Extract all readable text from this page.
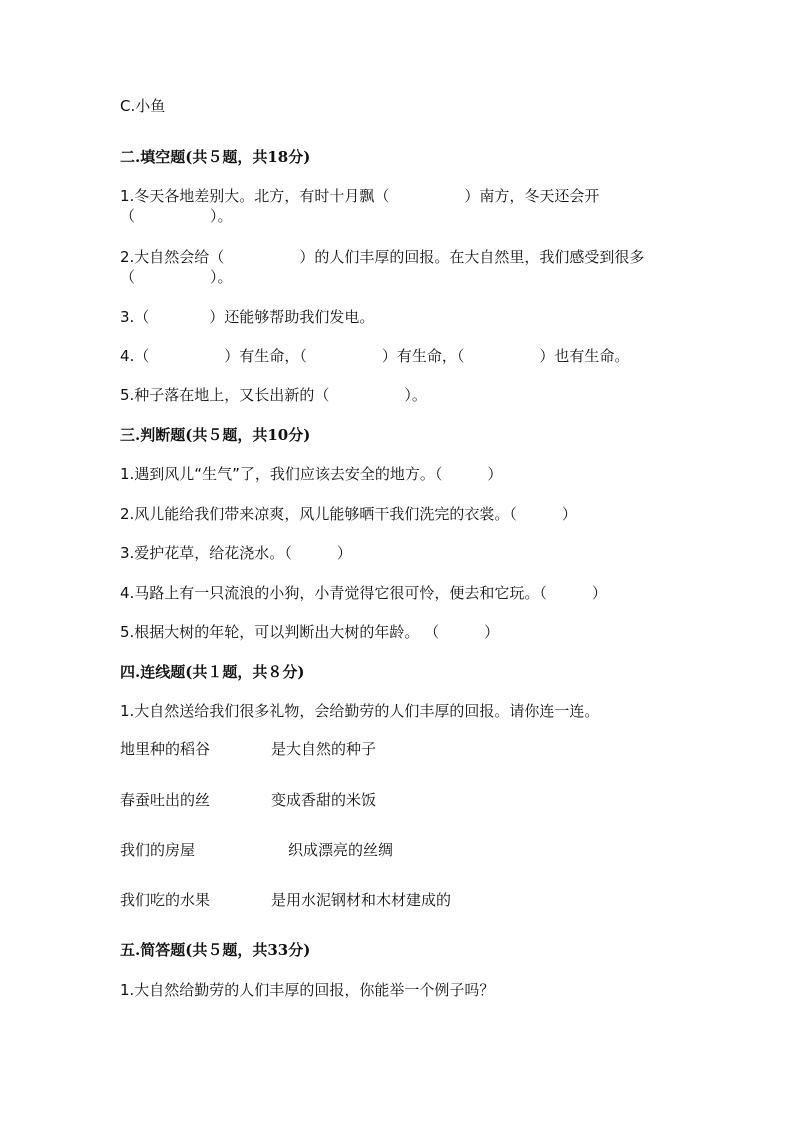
C.小鱼
二.填空题(共５题，共18分)
1.冬天各地差别大。北方，有时十月飘（　　　　　）南方，冬天还会开
（　　　　　）。
2.大自然会给（　　　　　）的人们丰厚的回报。在大自然里，我们感受到很多
（　　　　　）。
3.（　　　　）还能够帮助我们发电。
4.（　　　　　）有生命，（　　　　　）有生命，（　　　　　）也有生命。
5.种子落在地上，又长出新的（　　　　　）。
三.判断题(共５题，共10分)
1.遇到风儿“生气”了，我们应该去安全的地方。（　　　）
2.风儿能给我们带来凉爽，风儿能够晒干我们洗完的衣裳。（　　　）
3.爱护花草，给花浇水。（　　　）
4.马路上有一只流浪的小狗，小青觉得它很可怜，便去和它玩。（　　　）
5.根据大树的年轮，可以判断出大树的年龄。 （　　　）
四.连线题(共１题，共８分)
1.大自然送给我们很多礼物，会给勤劳的人们丰厚的回报。请你连一连。
地里种的稻谷	是大自然的种子
春蚕吐出的丝	变成香甜的米饭
我们的房屋	织成漂亮的丝绸
我们吃的水果	是用水泥钢材和木材建成的
五.简答题(共５题，共33分)
1.大自然给勤劳的人们丰厚的回报，你能举一个例子吗？
